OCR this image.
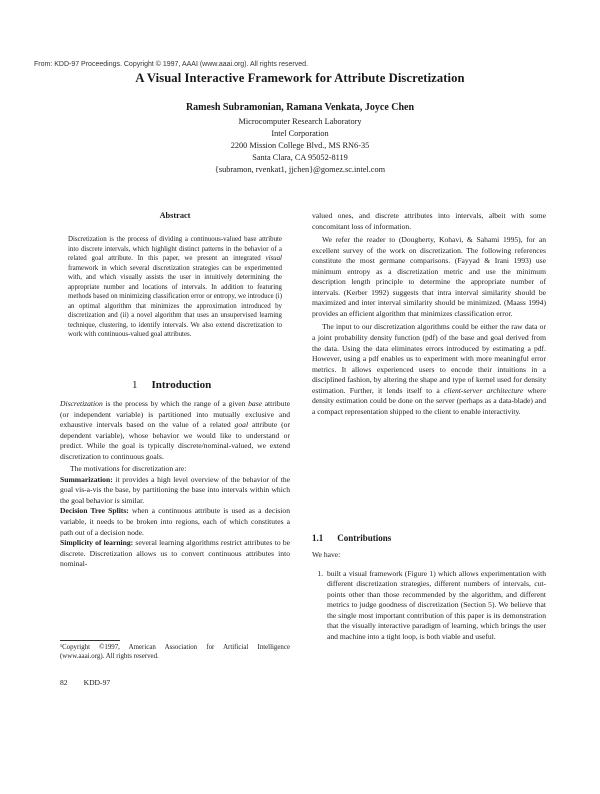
From: KDD-97 Proceedings. Copyright © 1997, AAAI (www.aaai.org). All rights reserved.
A Visual Interactive Framework for Attribute Discretization
Ramesh Subramonian, Ramana Venkata, Joyce Chen
Microcomputer Research Laboratory
Intel Corporation
2200 Mission College Blvd., MS RN6-35
Santa Clara, CA 95052-8119
{subramon, rvenkat1, jjchen}@gomez.sc.intel.com
Abstract
Discretization is the process of dividing a continuous-valued base attribute into discrete intervals, which highlight distinct patterns in the behavior of a related goal attribute. In this paper, we present an integrated visual framework in which several discretization strategies can be experimented with, and which visually assists the user in intuitively determining the appropriate number and locations of intervals. In addition to featuring methods based on minimizing classification error or entropy, we introduce (i) an optimal algorithm that minimizes the approximation introduced by discretization and (ii) a novel algorithm that uses an unsupervised learning technique, clustering, to identify intervals. We also extend discretization to work with continuous-valued goal attributes.
1 Introduction

Discretization is the process by which the range of a given base attribute (or independent variable) is partitioned into mutually exclusive and exhaustive intervals based on the value of a related goal attribute (or dependent variable), whose behavior we would like to understand or predict. While the goal is typically discrete/nominal-valued, we extend discretization to continuous goals.

The motivations for discretization are:

Summarization: it provides a high level overview of the behavior of the goal vis-a-vis the base, by partitioning the base into intervals within which the goal behavior is similar.

Decision Tree Splits: when a continuous attribute is used as a decision variable, it needs to be broken into regions, each of which constitutes a path out of a decision node.

Simplicity of learning: several learning algorithms restrict attributes to be discrete. Discretization allows us to convert continuous attributes into nominal-

¹Copyright ©1997, American Association for Artificial Intelligence (www.aaai.org). All rights reserved.
82 KDD-97

valued ones, and discrete attributes into intervals, albeit with some concomitant loss of information.

We refer the reader to (Dougherty, Kohavi, & Sahami 1995), for an excellent survey of the work on discretization. The following references constitute the most germane comparisons. (Fayyad & Irani 1993) use minimum entropy as a discretization metric and use the minimum description length principle to determine the appropriate number of intervals. (Kerber 1992) suggests that intra interval similarity should be maximized and inter interval similarity should be minimized. (Maass 1994) provides an efficient algorithm that minimizes classification error.

The input to our discretization algorithms could be either the raw data or a joint probability density function (pdf) of the base and goal derived from the data. Using the data eliminates errors introduced by estimating a pdf. However, using a pdf enables us to experiment with more meaningful error metrics. It allows experienced users to encode their intuitions in a disciplined fashion, by altering the shape and type of kernel used for density estimation. Further, it lends itself to a client-server architecture where density estimation could be done on the server (perhaps as a data-blade) and a compact representation shipped to the client to enable interactivity.

1.1 Contributions

We have:

1. built a visual framework (Figure 1) which allows experimentation with different discretization strategies, different numbers of intervals, cut-points other than those recommended by the algorithm, and different metrics to judge goodness of discretization (Section 5). We believe that the single most important contribution of this paper is its demonstration that the visually interactive paradigm of learning, which brings the user and machine into a tight loop, is both viable and useful.
